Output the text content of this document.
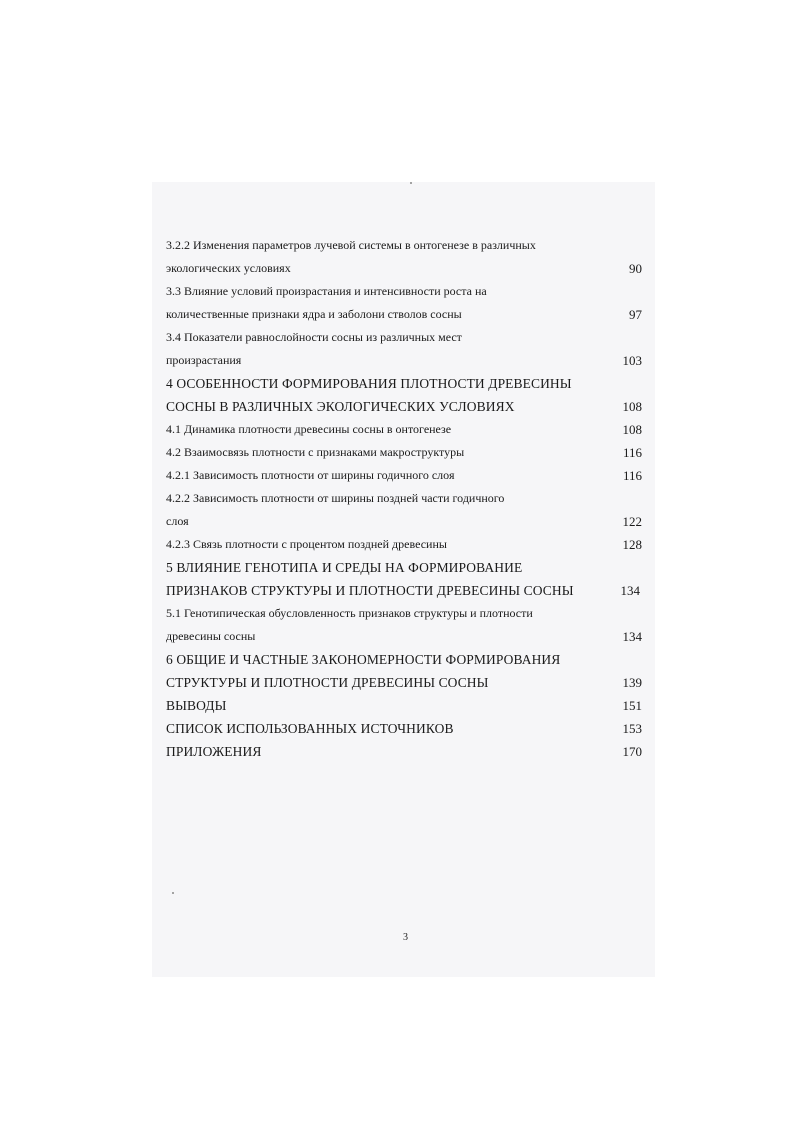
3.2.2 Изменения параметров лучевой системы в онтогенезе в различных
экологических условиях	90
3.3 Влияние условий произрастания и интенсивности роста на
количественные признаки ядра и заболони стволов сосны	97
3.4 Показатели равнослойности сосны из различных мест
произрастания	103
4 ОСОБЕННОСТИ ФОРМИРОВАНИЯ ПЛОТНОСТИ ДРЕВЕСИНЫ
СОСНЫ В РАЗЛИЧНЫХ ЭКОЛОГИЧЕСКИХ УСЛОВИЯХ	108
4.1 Динамика плотности древесины сосны в онтогенезе	108
4.2 Взаимосвязь плотности с признаками макроструктуры	116
4.2.1 Зависимость плотности от ширины годичного слоя	116
4.2.2 Зависимость плотности от ширины поздней части годичного
слоя	122
4.2.3 Связь плотности с процентом поздней древесины	128
5 ВЛИЯНИЕ ГЕНОТИПА И СРЕДЫ НА ФОРМИРОВАНИЕ
ПРИЗНАКОВ СТРУКТУРЫ И ПЛОТНОСТИ ДРЕВЕСИНЫ СОСНЫ	134
5.1 Генотипическая обусловленность признаков структуры и плотности
древесины сосны	134
6 ОБЩИЕ И ЧАСТНЫЕ ЗАКОНОМЕРНОСТИ ФОРМИРОВАНИЯ
СТРУКТУРЫ И ПЛОТНОСТИ ДРЕВЕСИНЫ СОСНЫ	139
ВЫВОДЫ	151
СПИСОК ИСПОЛЬЗОВАННЫХ ИСТОЧНИКОВ	153
ПРИЛОЖЕНИЯ	170
3
